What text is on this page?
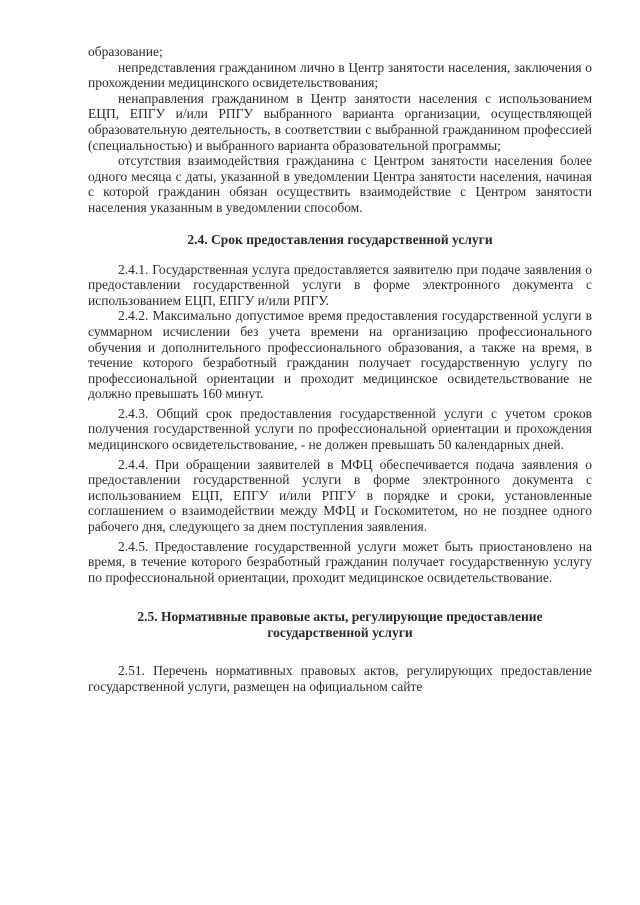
образование;

непредставления гражданином лично в Центр занятости населения, заключения о прохождении медицинского освидетельствования;

ненаправления гражданином в Центр занятости населения с использованием ЕЦП, ЕПГУ и/или РПГУ выбранного варианта организации, осуществляющей образовательную деятельность, в соответствии с выбранной гражданином профессией (специальностью) и выбранного варианта образовательной программы;

отсутствия взаимодействия гражданина с Центром занятости населения более одного месяца с даты, указанной в уведомлении Центра занятости населения, начиная с которой гражданин обязан осуществить взаимодействие с Центром занятости населения указанным в уведомлении способом.

2.4. Срок предоставления государственной услуги

2.4.1. Государственная услуга предоставляется заявителю при подаче заявления о предоставлении государственной услуги в форме электронного документа с использованием ЕЦП, ЕПГУ и/или РПГУ.

2.4.2. Максимально допустимое время предоставления государственной услуги в суммарном исчислении без учета времени на организацию профессионального обучения и дополнительного профессионального образования, а также на время, в течение которого безработный гражданин получает государственную услугу по профессиональной ориентации и проходит медицинское освидетельствование не должно превышать 160 минут.

2.4.3. Общий срок предоставления государственной услуги с учетом сроков получения государственной услуги по профессиональной ориентации и прохождения медицинского освидетельствование, - не должен превышать 50 календарных дней.

2.4.4. При обращении заявителей в МФЦ обеспечивается подача заявления о предоставлении государственной услуги в форме электронного документа с использованием ЕЦП, ЕПГУ и/или РПГУ в порядке и сроки, установленные соглашением о взаимодействии между МФЦ и Госкомитетом, но не позднее одного рабочего дня, следующего за днем поступления заявления.

2.4.5. Предоставление государственной услуги может быть приостановлено на время, в течение которого безработный гражданин получает государственную услугу по профессиональной ориентации, проходит медицинское освидетельствование.

2.5. Нормативные правовые акты, регулирующие предоставление
государственной услуги

2.51. Перечень нормативных правовых актов, регулирующих предоставление государственной услуги, размещен на официальном сайте
